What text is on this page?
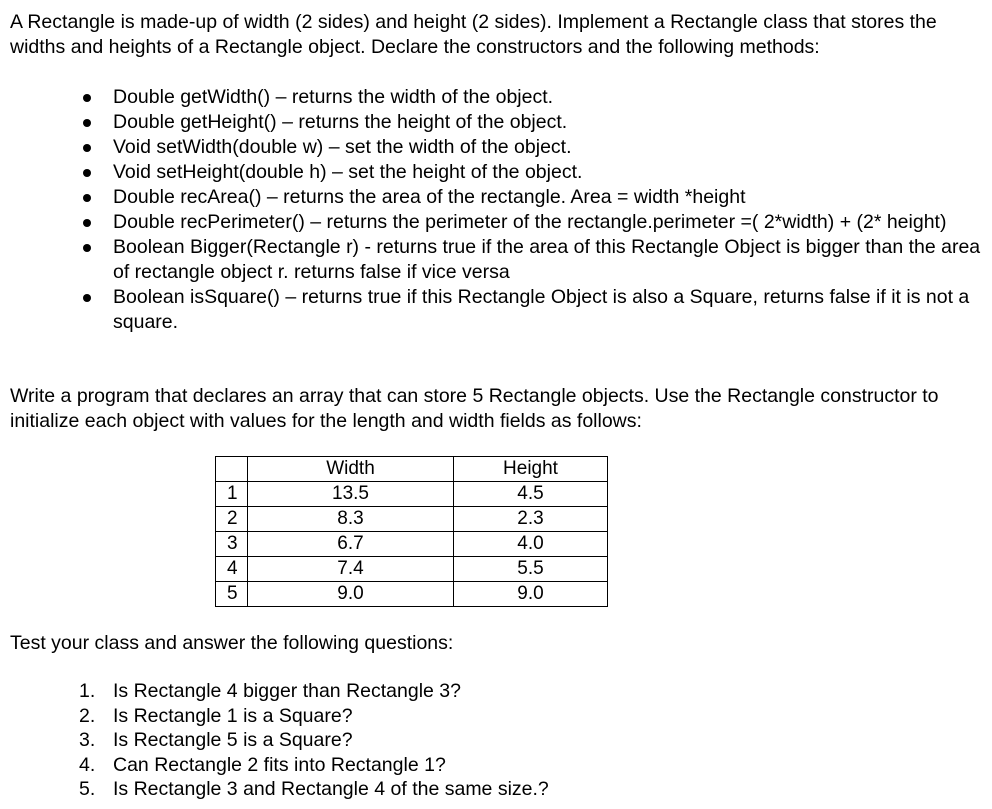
A Rectangle is made-up of width (2 sides) and height (2 sides). Implement a Rectangle class that stores the widths and heights of a Rectangle object. Declare the constructors and the following methods:

Double getWidth() – returns the width of the object.
Double getHeight() – returns the height of the object.
Void setWidth(double w) – set the width of the object.
Void setHeight(double h) – set the height of the object.
Double recArea() – returns the area of the rectangle. Area = width *height
Double recPerimeter() – returns the perimeter of the rectangle.perimeter =( 2*width) + (2* height)
Boolean Bigger(Rectangle r) - returns true if the area of this Rectangle Object is bigger than the area of rectangle object r. returns false if vice versa
Boolean isSquare() – returns true if this Rectangle Object is also a Square, returns false if it is not a square.

Write a program that declares an array that can store 5 Rectangle objects. Use the Rectangle constructor to initialize each object with values for the length and width fields as follows:

	Width	Height
1	13.5	4.5
2	8.3	2.3
3	6.7	4.0
4	7.4	5.5
5	9.0	9.0

Test your class and answer the following questions:

1. Is Rectangle 4 bigger than Rectangle 3?
2. Is Rectangle 1 is a Square?
3. Is Rectangle 5 is a Square?
4. Can Rectangle 2 fits into Rectangle 1?
5. Is Rectangle 3 and Rectangle 4 of the same size.?
